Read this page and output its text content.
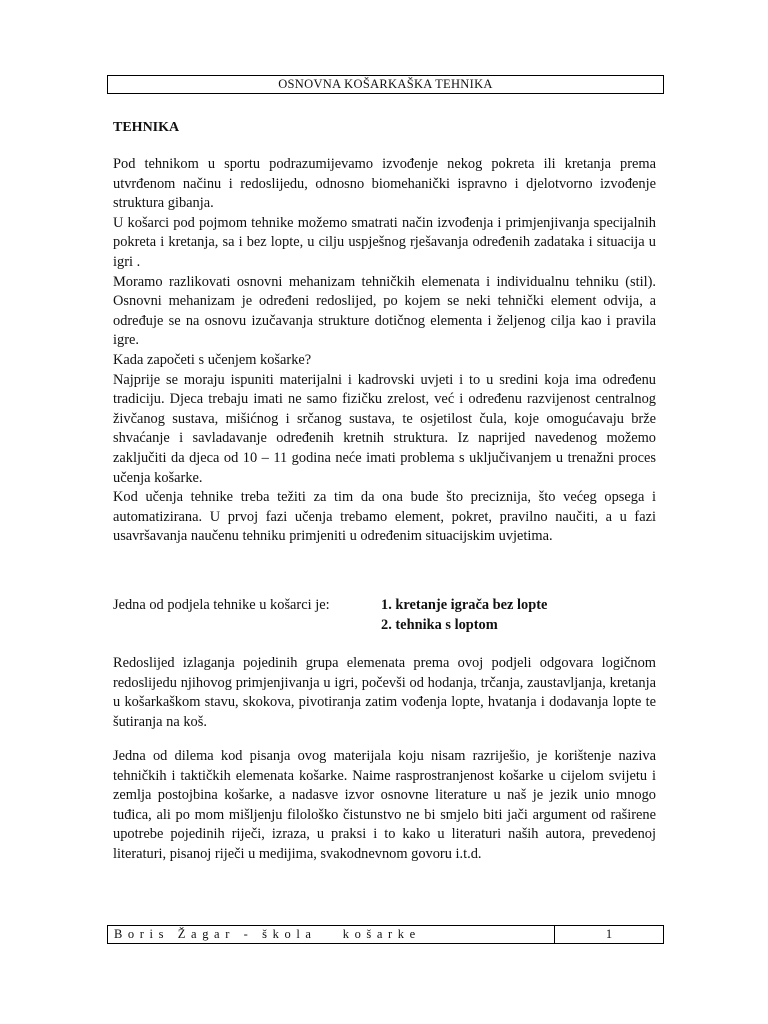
OSNOVNA KOŠARKAŠKA TEHNIKA
TEHNIKA

Pod tehnikom u sportu podrazumijevamo izvođenje nekog pokreta ili kretanja prema utvrđenom načinu i redoslijedu, odnosno biomehanički ispravno i djelotvorno izvođenje struktura gibanja.

U košarci pod pojmom tehnike možemo smatrati način izvođenja i primjenjivanja specijalnih pokreta i kretanja, sa i bez lopte, u cilju uspješnog rješavanja određenih zadataka i situacija u igri .

Moramo razlikovati osnovni mehanizam tehničkih elemenata i individualnu tehniku (stil). Osnovni mehanizam je određeni redoslijed, po kojem se neki tehnički element odvija, a određuje se na osnovu izučavanja strukture dotičnog elementa i željenog cilja kao i pravila igre.

Kada započeti s učenjem košarke?

Najprije se moraju ispuniti materijalni i kadrovski uvjeti i to u sredini koja ima određenu tradiciju. Djeca trebaju imati ne samo fizičku zrelost, već i određenu razvijenost centralnog živčanog sustava, mišićnog i srčanog sustava, te osjetilost čula, koje omogućavaju brže shvaćanje i savladavanje određenih kretnih struktura. Iz naprijed navedenog možemo zaključiti da djeca od 10 – 11 godina neće imati problema s uključivanjem u trenažni proces učenja košarke.

Kod učenja tehnike treba težiti za tim da ona bude što preciznija, što većeg opsega i automatizirana. U prvoj fazi učenja trebamo element, pokret, pravilno naučiti, a u fazi usavršavanja naučenu tehniku primjeniti u određenim situacijskim uvjetima.

Jedna od podjela tehnike u košarci je:	1. kretanje igrača bez lopte
2. tehnika s loptom

Redoslijed izlaganja pojedinih grupa elemenata prema ovoj podjeli odgovara logičnom redoslijedu njihovog primjenjivanja u igri, počevši od hodanja, trčanja, zaustavljanja, kretanja u košarkaškom stavu, skokova, pivotiranja zatim vođenja lopte, hvatanja i dodavanja lopte te šutiranja na koš.

Jedna od dilema kod pisanja ovog materijala koju nisam razriješio, je korištenje naziva tehničkih i taktičkih elemenata košarke. Naime rasprostranjenost košarke u cijelom svijetu i zemlja postojbina košarke, a nadasve izvor osnovne literature u naš je jezik unio mnogo tuđica, ali po mom mišljenju filološko čistunstvo ne bi smjelo biti jači argument od raširene upotrebe pojedinih riječi, izraza, u praksi i to kako u literaturi naših autora, prevedenoj literaturi, pisanoj riječi u medijima, svakodnevnom govoru i.t.d.

Boris Žagar - škola   košarke	1
